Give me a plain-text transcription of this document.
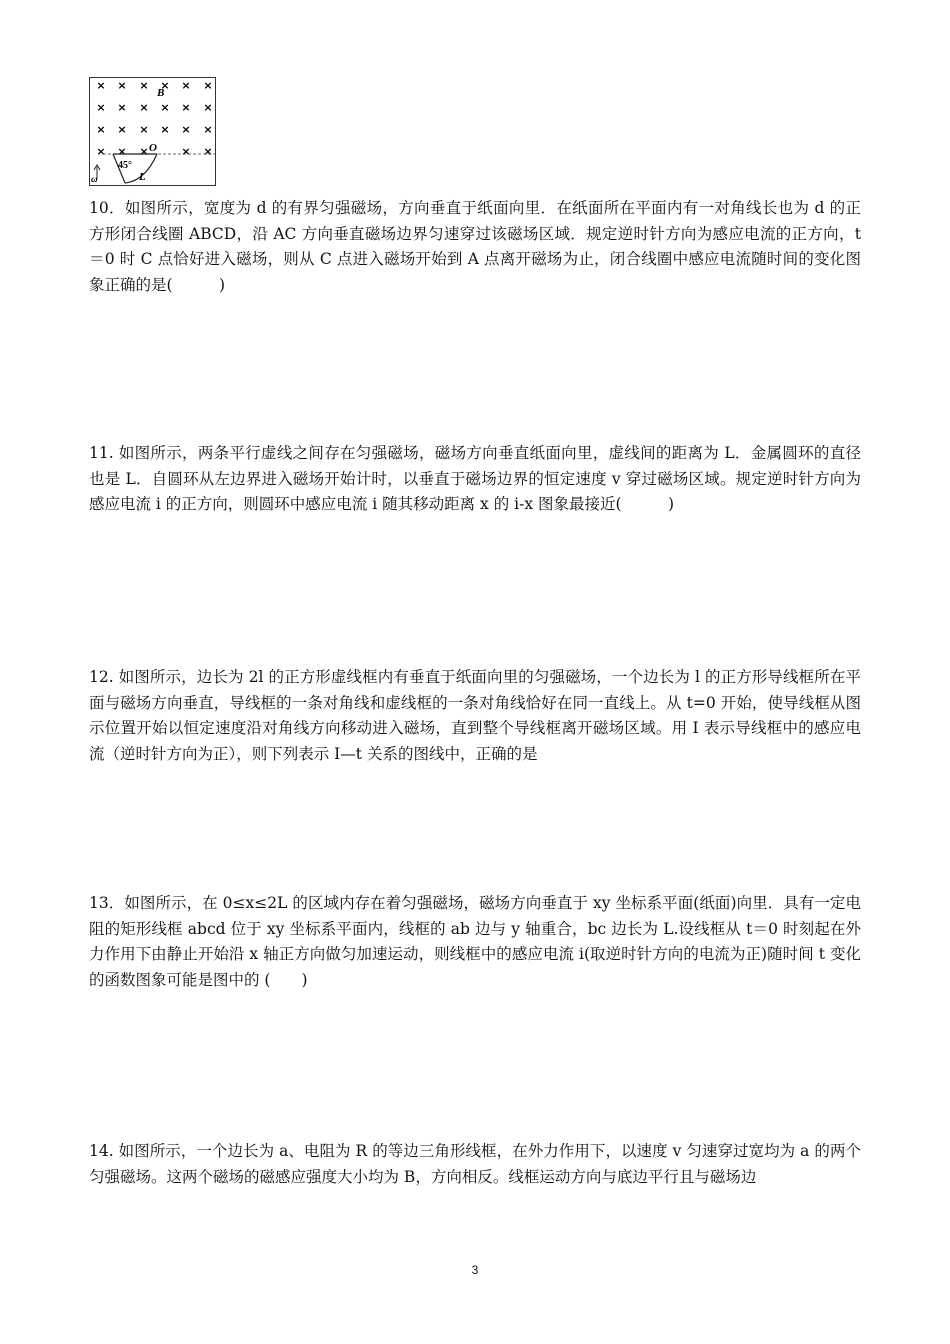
× × × × × ×
× × × × × ×
× × × × × ×
× × ×	× ×
B
O
45°
L
ω

10．如图所示，宽度为 d 的有界匀强磁场，方向垂直于纸面向里．在纸面所在平面内有一对角线长也为 d 的正方形闭合线圈 ABCD，沿 AC 方向垂直磁场边界匀速穿过该磁场区域．规定逆时针方向为感应电流的正方向，t＝0 时 C 点恰好进入磁场，则从 C 点进入磁场开始到 A 点离开磁场为止，闭合线圈中感应电流随时间的变化图象正确的是(　　　)

11. 如图所示，两条平行虚线之间存在匀强磁场，磁场方向垂直纸面向里，虚线间的距离为 L．金属圆环的直径也是 L．自圆环从左边界进入磁场开始计时，以垂直于磁场边界的恒定速度 v 穿过磁场区域。规定逆时针方向为感应电流 i 的正方向，则圆环中感应电流 i 随其移动距离 x 的 i-x 图象最接近(　　　)

12. 如图所示，边长为 2l 的正方形虚线框内有垂直于纸面向里的匀强磁场，一个边长为 l 的正方形导线框所在平面与磁场方向垂直，导线框的一条对角线和虚线框的一条对角线恰好在同一直线上。从 t=0 开始，使导线框从图示位置开始以恒定速度沿对角线方向移动进入磁场，直到整个导线框离开磁场区域。用 I 表示导线框中的感应电流（逆时针方向为正），则下列表示 I—t 关系的图线中，正确的是

13．如图所示，在 0≤x≤2L 的区域内存在着匀强磁场，磁场方向垂直于 xy 坐标系平面(纸面)向里．具有一定电阻的矩形线框 abcd 位于 xy 坐标系平面内，线框的 ab 边与 y 轴重合，bc 边长为 L.设线框从 t＝0 时刻起在外力作用下由静止开始沿 x 轴正方向做匀加速运动，则线框中的感应电流 i(取逆时针方向的电流为正)随时间 t 变化的函数图象可能是图中的 (　　)

14. 如图所示，一个边长为 a、电阻为 R 的等边三角形线框，在外力作用下，以速度 v 匀速穿过宽均为 a 的两个匀强磁场。这两个磁场的磁感应强度大小均为 B，方向相反。线框运动方向与底边平行且与磁场边

3
